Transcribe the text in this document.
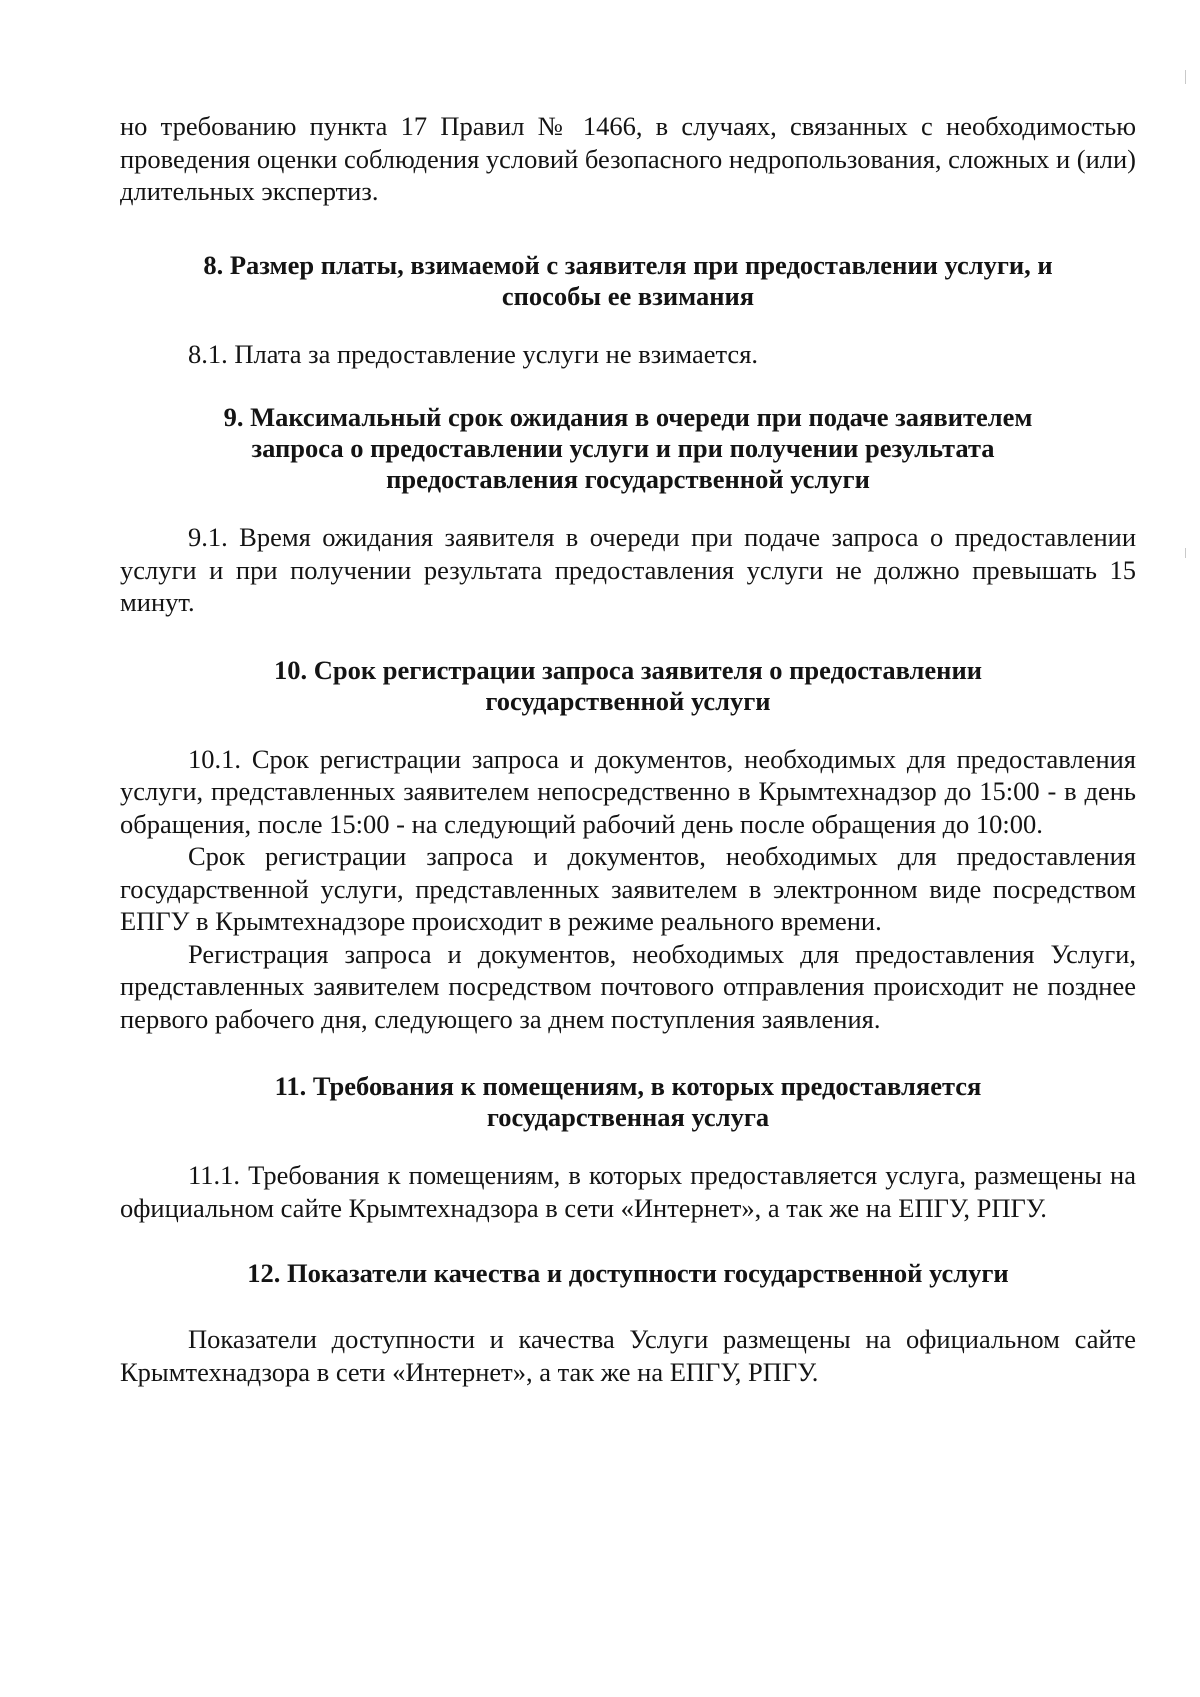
но требованию пункта 17 Правил № 1466, в случаях, связанных с необходимостью проведения оценки соблюдения условий безопасного недропользования, сложных и (или) длительных экспертиз.

8. Размер платы, взимаемой с заявителя при предоставлении услуги, и
способы ее взимания

8.1. Плата за предоставление услуги не взимается.

9. Максимальный срок ожидания в очереди при подаче заявителем
запроса о предоставлении услуги и при получении результата
предоставления государственной услуги

9.1. Время ожидания заявителя в очереди при подаче запроса о предоставлении услуги и при получении результата предоставления услуги не должно превышать 15 минут.

10. Срок регистрации запроса заявителя о предоставлении
государственной услуги

10.1. Срок регистрации запроса и документов, необходимых для предоставления услуги, представленных заявителем непосредственно в Крымтехнадзор до 15:00 - в день обращения, после 15:00 - на следующий рабочий день после обращения до 10:00.

Срок регистрации запроса и документов, необходимых для предоставления государственной услуги, представленных заявителем в электронном виде посредством ЕПГУ в Крымтехнадзоре происходит в режиме реального времени.

Регистрация запроса и документов, необходимых для предоставления Услуги, представленных заявителем посредством почтового отправления происходит не позднее первого рабочего дня, следующего за днем поступления заявления.

11. Требования к помещениям, в которых предоставляется
государственная услуга

11.1. Требования к помещениям, в которых предоставляется услуга, размещены на официальном сайте Крымтехнадзора в сети «Интернет», а так же на ЕПГУ, РПГУ.

12. Показатели качества и доступности государственной услуги

Показатели доступности и качества Услуги размещены на официальном сайте Крымтехнадзора в сети «Интернет», а так же на ЕПГУ, РПГУ.
